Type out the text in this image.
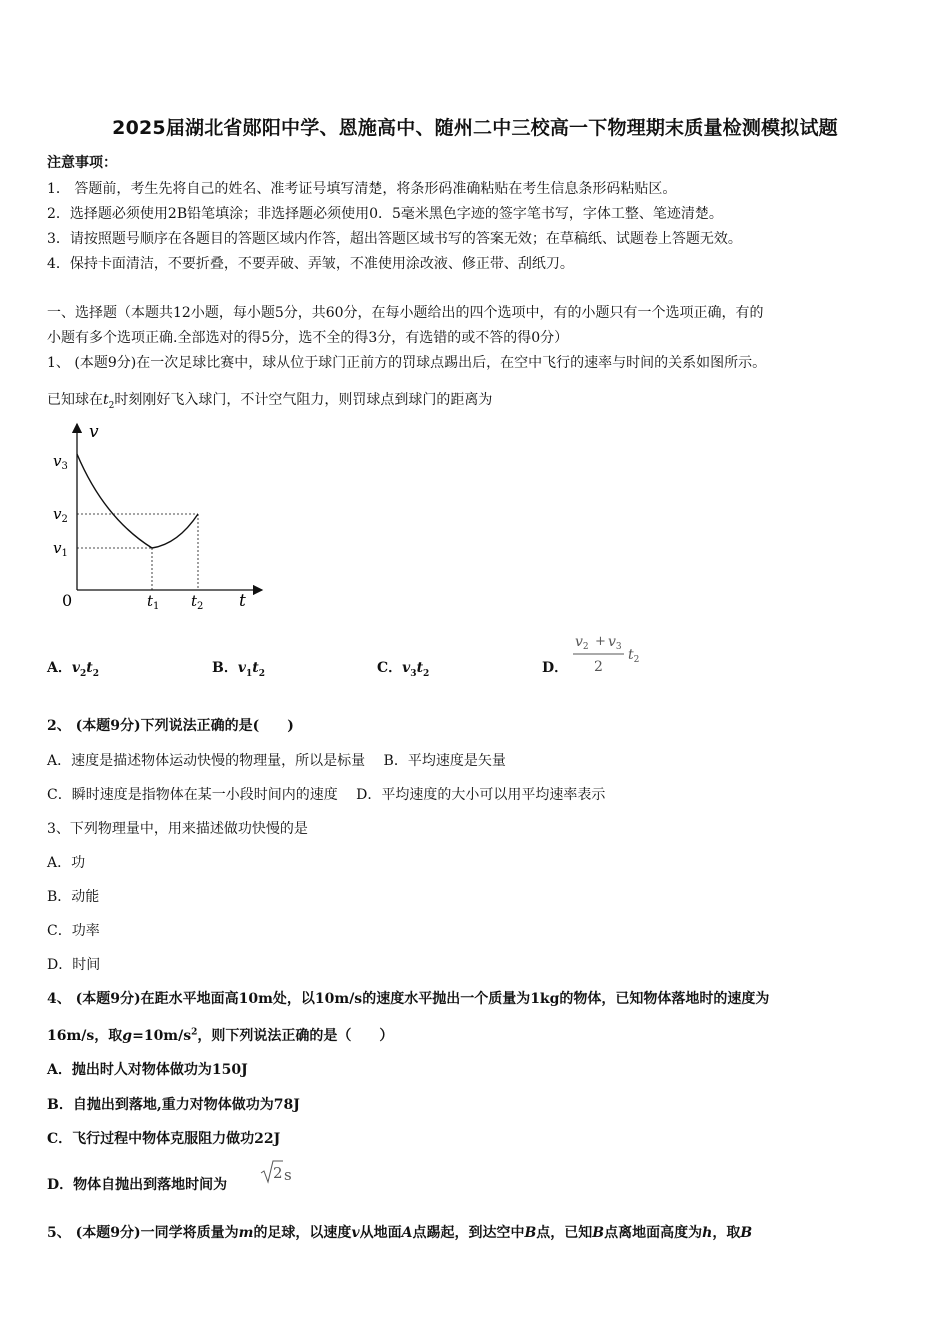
2025届湖北省郧阳中学、恩施高中、随州二中三校高一下物理期末质量检测模拟试题
注意事项：
1． 答题前，考生先将自己的姓名、准考证号填写清楚，将条形码准确粘贴在考生信息条形码粘贴区。
2．选择题必须使用2B铅笔填涂；非选择题必须使用0．5毫米黑色字迹的签字笔书写，字体工整、笔迹清楚。
3．请按照题号顺序在各题目的答题区域内作答，超出答题区域书写的答案无效；在草稿纸、试题卷上答题无效。
4．保持卡面清洁，不要折叠，不要弄破、弄皱，不准使用涂改液、修正带、刮纸刀。
一、选择题（本题共12小题，每小题5分，共60分，在每小题给出的四个选项中，有的小题只有一个选项正确，有的
小题有多个选项正确.全部选对的得5分，选不全的得3分，有选错的或不答的得0分）
1、 (本题9分)在一次足球比赛中，球从位于球门正前方的罚球点踢出后，在空中飞行的速率与时间的关系如图所示。
已知球在$t_2$时刻刚好飞入球门，不计空气阻力，则罚球点到球门的距离为
v
t
0
$v_3$
$v_2$
$v_1$
$t_1$ $t_2$
A．$v_2t_2$	B．$v_1t_2$	C．$v_3t_2$	D．
$v_2 + v_3$
2
$t_2$
2、 (本题9分)下列说法正确的是(　　)
A．速度是描述物体运动快慢的物理量，所以是标量　 B．平均速度是矢量
C．瞬时速度是指物体在某一小段时间内的速度　 D．平均速度的大小可以用平均速率表示
3、下列物理量中，用来描述做功快慢的是
A．功
B．动能
C．功率
D．时间
4、 (本题9分)在距水平地面高10m处，以10m/s的速度水平抛出一个质量为1kg的物体，已知物体落地时的速度为
16m/s，取$g=10m/s^2$，则下列说法正确的是（　　）
A．抛出时人对物体做功为150J
B．自抛出到落地,重力对物体做功为78J
C．飞行过程中物体克服阻力做功22J
D．物体自抛出到落地时间为
2 s
5、 (本题9分)一同学将质量为m的足球，以速度v从地面A点踢起，到达空中B点，已知B点离地面高度为h，取B
